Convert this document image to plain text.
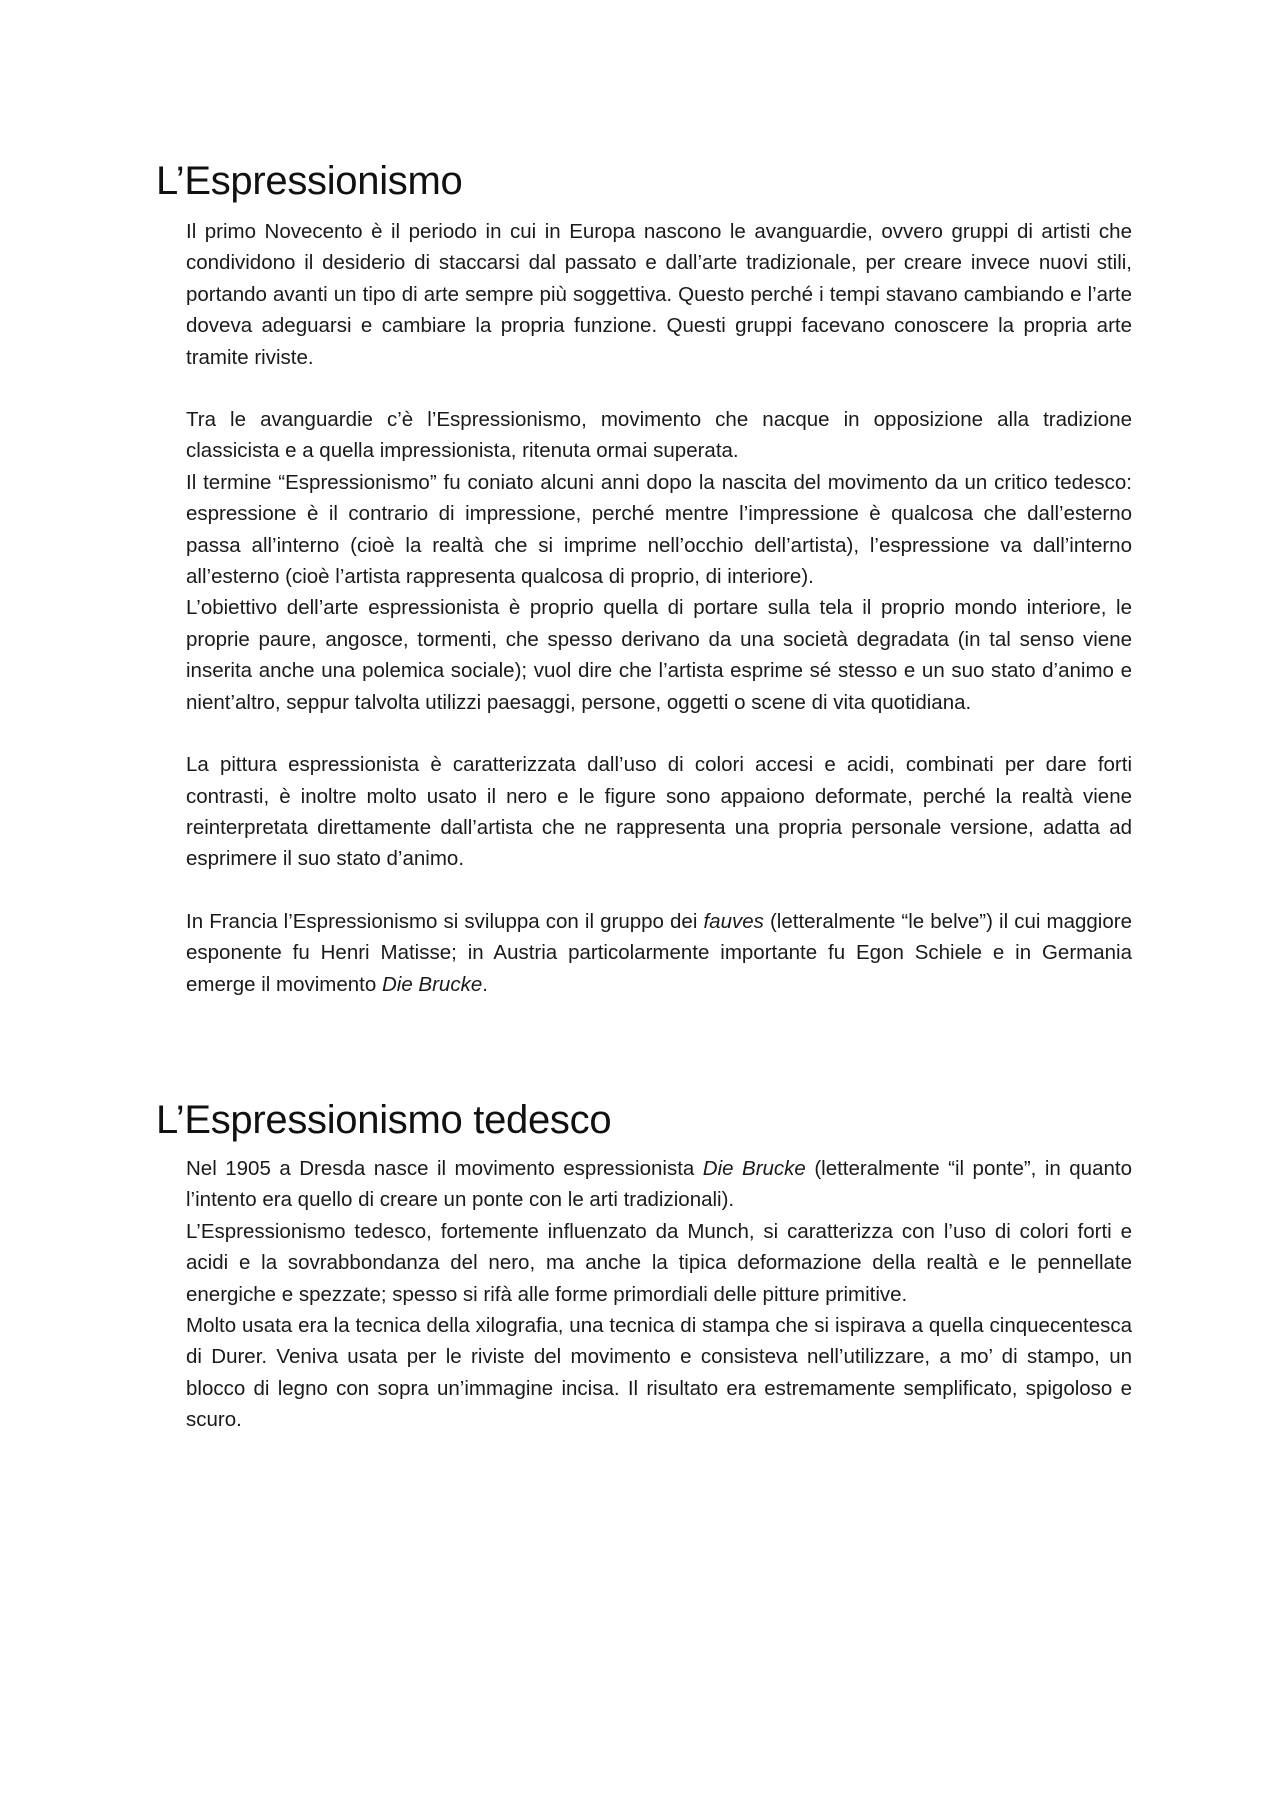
L’Espressionismo

Il primo Novecento è il periodo in cui in Europa nascono le avanguardie, ovvero gruppi di artisti che condividono il desiderio di staccarsi dal passato e dall’arte tradizionale, per creare invece nuovi stili, portando avanti un tipo di arte sempre più soggettiva. Questo perché i tempi stavano cambiando e l’arte doveva adeguarsi e cambiare la propria funzione. Questi gruppi facevano conoscere la propria arte tramite riviste.

Tra le avanguardie c’è l’Espressionismo, movimento che nacque in opposizione alla tradizione classicista e a quella impressionista, ritenuta ormai superata.

Il termine “Espressionismo” fu coniato alcuni anni dopo la nascita del movimento da un critico tedesco: espressione è il contrario di impressione, perché mentre l’impressione è qualcosa che dall’esterno passa all’interno (cioè la realtà che si imprime nell’occhio dell’artista), l’espressione va dall’interno all’esterno (cioè l’artista rappresenta qualcosa di proprio, di interiore).

L’obiettivo dell’arte espressionista è proprio quella di portare sulla tela il proprio mondo interiore, le proprie paure, angosce, tormenti, che spesso derivano da una società degradata (in tal senso viene inserita anche una polemica sociale); vuol dire che l’artista esprime sé stesso e un suo stato d’animo e nient’altro, seppur talvolta utilizzi paesaggi, persone, oggetti o scene di vita quotidiana.

La pittura espressionista è caratterizzata dall’uso di colori accesi e acidi, combinati per dare forti contrasti, è inoltre molto usato il nero e le figure sono appaiono deformate, perché la realtà viene reinterpretata direttamente dall’artista che ne rappresenta una propria personale versione, adatta ad esprimere il suo stato d’animo.

In Francia l’Espressionismo si sviluppa con il gruppo dei fauves (letteralmente “le belve”) il cui maggiore esponente fu Henri Matisse; in Austria particolarmente importante fu Egon Schiele e in Germania emerge il movimento Die Brucke.

L’Espressionismo tedesco

Nel 1905 a Dresda nasce il movimento espressionista Die Brucke (letteralmente “il ponte”, in quanto l’intento era quello di creare un ponte con le arti tradizionali).

L’Espressionismo tedesco, fortemente influenzato da Munch, si caratterizza con l’uso di colori forti e acidi e la sovrabbondanza del nero, ma anche la tipica deformazione della realtà e le pennellate energiche e spezzate; spesso si rifà alle forme primordiali delle pitture primitive.

Molto usata era la tecnica della xilografia, una tecnica di stampa che si ispirava a quella cinquecentesca di Durer. Veniva usata per le riviste del movimento e consisteva nell’utilizzare, a mo’ di stampo, un blocco di legno con sopra un’immagine incisa. Il risultato era estremamente semplificato, spigoloso e scuro.
